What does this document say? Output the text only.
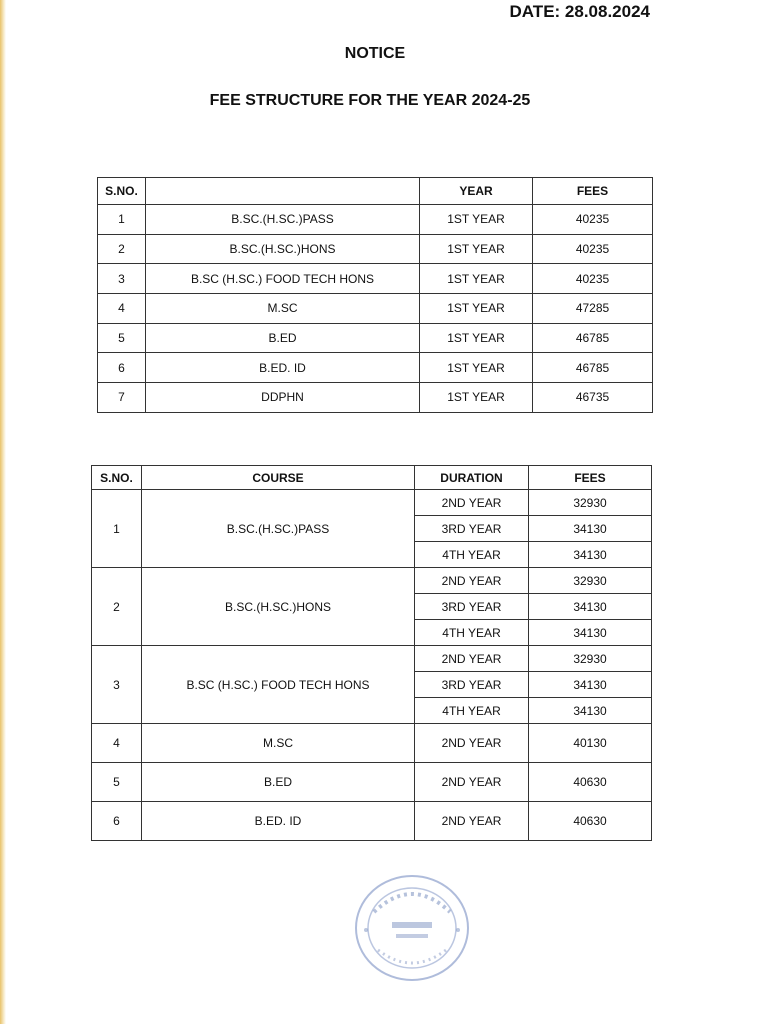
DATE: 28.08.2024
NOTICE
FEE STRUCTURE FOR THE YEAR 2024-25
S.NO.		YEAR	FEES
1	B.SC.(H.SC.)PASS	1ST YEAR	40235
2	B.SC.(H.SC.)HONS	1ST YEAR	40235
3	B.SC (H.SC.) FOOD TECH HONS	1ST YEAR	40235
4	M.SC	1ST YEAR	47285
5	B.ED	1ST YEAR	46785
6	B.ED. ID	1ST YEAR	46785
7	DDPHN	1ST YEAR	46735
S.NO.	COURSE	DURATION	FEES
1	B.SC.(H.SC.)PASS	2ND YEAR	32930
		3RD YEAR	34130
		4TH YEAR	34130
2	B.SC.(H.SC.)HONS	2ND YEAR	32930
		3RD YEAR	34130
		4TH YEAR	34130
3	B.SC (H.SC.) FOOD TECH HONS	2ND YEAR	32930
		3RD YEAR	34130
		4TH YEAR	34130
4	M.SC	2ND YEAR	40130
5	B.ED	2ND YEAR	40630
6	B.ED. ID	2ND YEAR	40630
